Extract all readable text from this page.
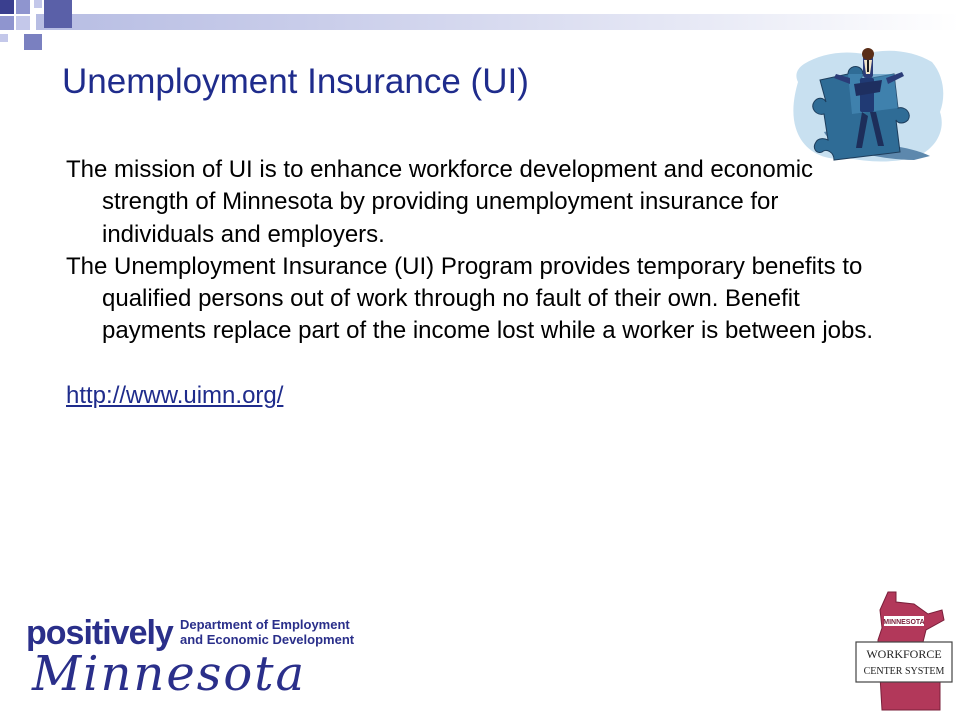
Unemployment Insurance (UI)

The mission of UI is to enhance workforce development and economic strength of Minnesota by providing unemployment insurance for individuals and employers.

The Unemployment Insurance (UI) Program provides temporary benefits to qualified persons out of work through no fault of their own. Benefit payments replace part of the income lost while a worker is between jobs.

http://www.uimn.org/

positively Department of Employment
and Economic Development
Minnesota
MINNESOTA
WORKFORCE
CENTER SYSTEM
